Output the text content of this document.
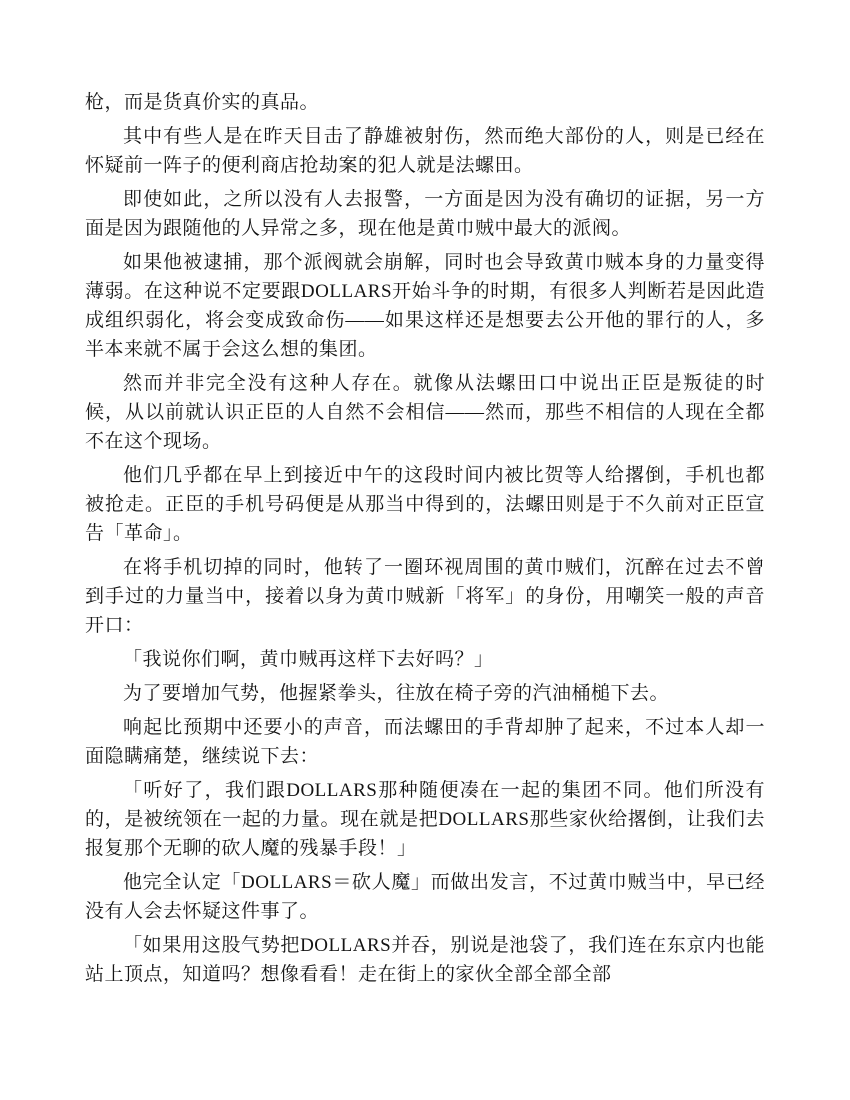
枪，而是货真价实的真品。

其中有些人是在昨天目击了静雄被射伤，然而绝大部份的人，则是已经在怀疑前一阵子的便利商店抢劫案的犯人就是法螺田。

即使如此，之所以没有人去报警，一方面是因为没有确切的证据，另一方面是因为跟随他的人异常之多，现在他是黄巾贼中最大的派阀。

如果他被逮捕，那个派阀就会崩解，同时也会导致黄巾贼本身的力量变得薄弱。在这种说不定要跟DOLLARS开始斗争的时期，有很多人判断若是因此造成组织弱化，将会变成致命伤——如果这样还是想要去公开他的罪行的人，多半本来就不属于会这么想的集团。

然而并非完全没有这种人存在。就像从法螺田口中说出正臣是叛徒的时候，从以前就认识正臣的人自然不会相信——然而，那些不相信的人现在全都不在这个现场。

他们几乎都在早上到接近中午的这段时间内被比贺等人给撂倒，手机也都被抢走。正臣的手机号码便是从那当中得到的，法螺田则是于不久前对正臣宣告「革命」。

在将手机切掉的同时，他转了一圈环视周围的黄巾贼们，沉醉在过去不曾到手过的力量当中，接着以身为黄巾贼新「将军」的身份，用嘲笑一般的声音开口：

「我说你们啊，黄巾贼再这样下去好吗？」

为了要增加气势，他握紧拳头，往放在椅子旁的汽油桶槌下去。

响起比预期中还要小的声音，而法螺田的手背却肿了起来，不过本人却一面隐瞒痛楚，继续说下去：

「听好了，我们跟DOLLARS那种随便凑在一起的集团不同。他们所没有的，是被统领在一起的力量。现在就是把DOLLARS那些家伙给撂倒，让我们去报复那个无聊的砍人魔的残暴手段！」

他完全认定「DOLLARS＝砍人魔」而做出发言，不过黄巾贼当中，早已经没有人会去怀疑这件事了。

「如果用这股气势把DOLLARS并吞，别说是池袋了，我们连在东京内也能站上顶点，知道吗？想像看看！走在街上的家伙全部全部全部
